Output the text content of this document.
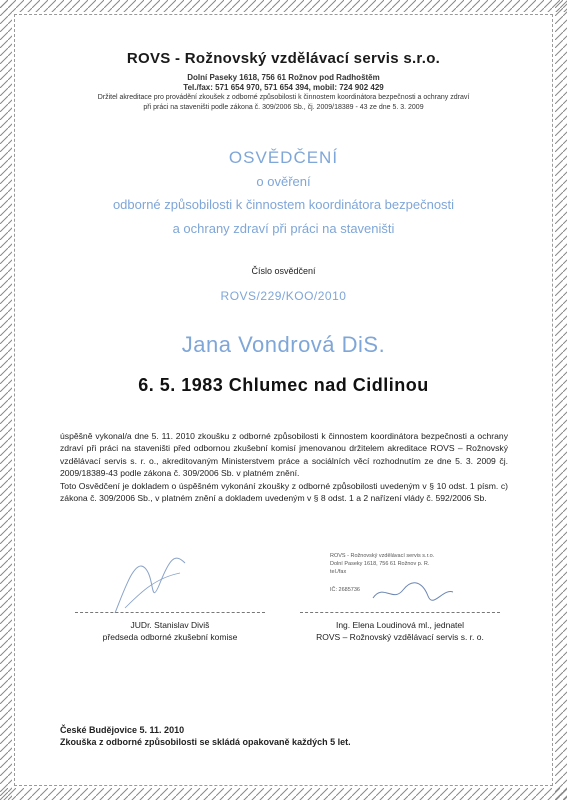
ROVS - Rožnovský vzdělávací servis s.r.o.
Dolní Paseky 1618, 756 61 Rožnov pod Radhoštěm
Tel./fax: 571 654 970, 571 654 394, mobil: 724 902 429
Držitel akreditace pro provádění zkoušek z odborné způsobilosti k činnostem koordinátora bezpečnosti a ochrany zdraví
při práci na staveništi podle zákona č. 309/2006 Sb., čj. 2009/18389 - 43 ze dne 5. 3. 2009
OSVĚDČENÍ
o ověření
odborné způsobilosti k činnostem koordinátora bezpečnosti
a ochrany zdraví při práci na staveništi
Číslo osvědčení
ROVS/229/KOO/2010
Jana Vondrová DiS.
6. 5. 1983 Chlumec nad Cidlinou

úspěšně vykonal/a dne 5. 11. 2010 zkoušku z odborné způsobilosti k činnostem koordinátora bezpečnosti a ochrany zdraví při práci na staveništi před odbornou zkušební komisí jmenovanou držitelem akreditace ROVS – Rožnovský vzdělávací servis s. r. o., akreditovaným Ministerstvem práce a sociálních věcí rozhodnutím ze dne 5. 3. 2009 čj. 2009/18389-43 podle zákona č. 309/2006 Sb. v platném znění.

Toto Osvědčení je dokladem o úspěšném vykonání zkoušky z odborné způsobilosti uvedeným v § 10 odst. 1 písm. c) zákona č. 309/2006 Sb., v platném znění a dokladem uvedeným v § 8 odst. 1 a 2 nařízení vlády č. 592/2006 Sb.

ROVS - Rožnovský vzdělávací servis s.r.o.
Dolní Paseky 1618, 756 61 Rožnov p. R.
tel./fax
IČ: 2685736
JUDr. Stanislav Diviš
předseda odborné zkušební komise
Ing. Elena Loudinová ml., jednatel
ROVS – Rožnovský vzdělávací servis s. r. o.
České Budějovice 5. 11. 2010
Zkouška z odborné způsobilosti se skládá opakovaně každých 5 let.
